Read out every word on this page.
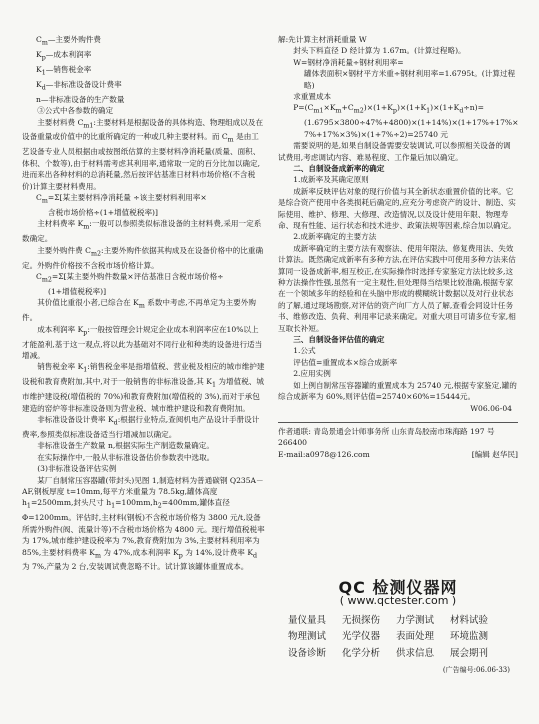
$C_m—$主要外购件费

$K_p—$成本利润率

$K_1—$销售税金率

$K_d—$非标准设备设计费率

n—非标准设备的生产数量

③公式中各参数的确定

主要材料费 $C_{m1}$:主要材料是根据设备的具体构造、物理组成以及在设备重量或价值中的比重所确定的一种或几种主要材料。而 $C_m$ 是由工艺设备专业人员根据由或按图纸估算的主要材料净消耗量(质量、面积、体积、个数等),由于材料需考虑其利用率,通常取一定的百分比加以确定,进而来出各种材料的总消耗量,然后按评估基准日材料市场价格(不含税价)计算主要材料费用。

$C_m=\Sigma$[某主要材料净消耗量 ÷该主要材料利用率×

含税市场价格÷(1+增值税税率)]

主材料费率 $K_m$:一般可以参照类似标准设备的主材料费,采用一定系数确定。

主要外购件费 $C_{m2}$:主要外购件依据其构成及在设备价格中的比重确定。外购件价格按不含税市场价格计算。

$C_{m2}=\Sigma$[某主要外购件数量×评估基准日含税市场价格÷

(1+增值税税率)]

其价值比重很小者,已综合在 $K_m$ 系数中考虑,不再单定为主要外购件。

成本利润率 $K_p$:一般按管理会计规定企业成本利润率应在10%以上才能盈利,基于这一观点,将以此为基础对不同行业和种类的设备进行适当增减。

销售税金率 $K_1$:销售税金率是指增值税、营业税及相应的城市维护建设税和教育费附加,其中,对于一般销售的非标准设备,其 $K_1$ 为增值税、城市维护建设税(增值税的 70%)和教育费附加(增值税的 3%),而对于承包建造的窑炉等非标准设备则为营业税、城市维护建设和教育费附加。

非标准设备设计费率 $K_d$:根据行业特点,查阅机电产品设计手册设计费率,参照类似标准设备适当行增减加以确定。

非标准设备生产数量 n,根据实际生产制造数量确定。

在实际操作中,一般从非标准设备估价参数表中选取。

(3)非标准设备评估实例

某厂自制常压容器罐(带封头)见图 1,制造材料为普通碳钢 Q235A－AF,钢板厚度 t=10mm,每平方米重量为 78.5kg,罐体高度 $h_1=2500mm$,封头尺寸 $h_1=100mm,h_2=400mm$,罐体直径 Φ=1200mm。评估时,主材料(钢板)不含税市场价格为 3800 元/t,设备所需外购件(阀、流量计等)不含税市场价格为 4800 元。现行增值税税率为 17%,城市维护建设税率为 7%,教育费附加为 3%,主要材料利用率为 85%,主要材料费率 $K_m$ 为 47%,成本利润率 $K_p$ 为 14%,设计费率 $K_d$ 为 7%,产量为 2 台,安装调试费忽略不计。试计算该罐体重置成本。

解:先计算主材消耗重量 W

封头下料直径 D 经计算为 1.67m。(计算过程略)。

W=钢材净消耗量÷钢材利用率=

罐体表面积×钢材平方米重÷钢材利用率=1.6795t。(计算过程略)

求重置成本

$P=(C_{m1}\times K_m+C_{m2})\times(1+K_p)\times(1+K_1)\times(1+K_d\div n)=$

(1.6795×3800÷47%+4800)×(1+14%)×(1+17%+17%×

7%+17%×3%)×(1+7%÷2)=25740 元

需要说明的是,如果自制设备需要安装调试,可以参照相关设备的调试费用,考虑调试内容、难易程度、工作量后加以确定。

二、自制设备成新率的确定

1.成新率及其确定原则

成新率反映评估对象的现行价值与其全新状态重置价值的比率。它是综合资产使用中各类损耗后确定的,应充分考虑资产的设计、制造、实际使用、维护、修理、大修理、改造情况,以及设计使用年限、物理寿命、现有性能、运行状态和技术进步、政策法规等因素,综合加以确定。

2.成新率确定的主要方法

成新率确定的主要方法有观察法、使用年限法、修复费用法、失效计算法。既然确定成新率有多种方法,在评估实践中可使用多种方法来估算同一设备成新率,相互校正,在实际操作时选择专家鉴定方法比较多,这种方法操作性强,虽然有一定主观性,但处理得当结果比较准确,根据专家在一个领域多年的经验和在头脑中形成的模糊统计数据以及对行业状态的了解,通过现场勘察,对评估的资产向厂方人员了解,查看会同设计任务书、维修改造、负荷、利用率记录来确定。对重大项目可请多位专家,相互取长补短。

三、自制设备评估值的确定

1.公式

评估值=重置成本×综合成新率

2.应用实例

如上例自制常压容器罐的重置成本为 25740 元,根据专家鉴定,罐的综合成新率为 60%,则评估值=25740×60%=15444元。

W06.06-04

作者通联: 青岛景通会计师事务所 山东青岛胶南市珠海路 197 号 266400

E-mail:a0978@126.com	[编辑 赵华民]

QC 检测仪器网
( www.qctester.com )
量仪量具	无损探伤	力学测试	材料试验
物理测试	光学仪器	表面处理	环境监测
设备诊断	化学分析	供求信息	展会期刊
(广告编号:06.06-33)
